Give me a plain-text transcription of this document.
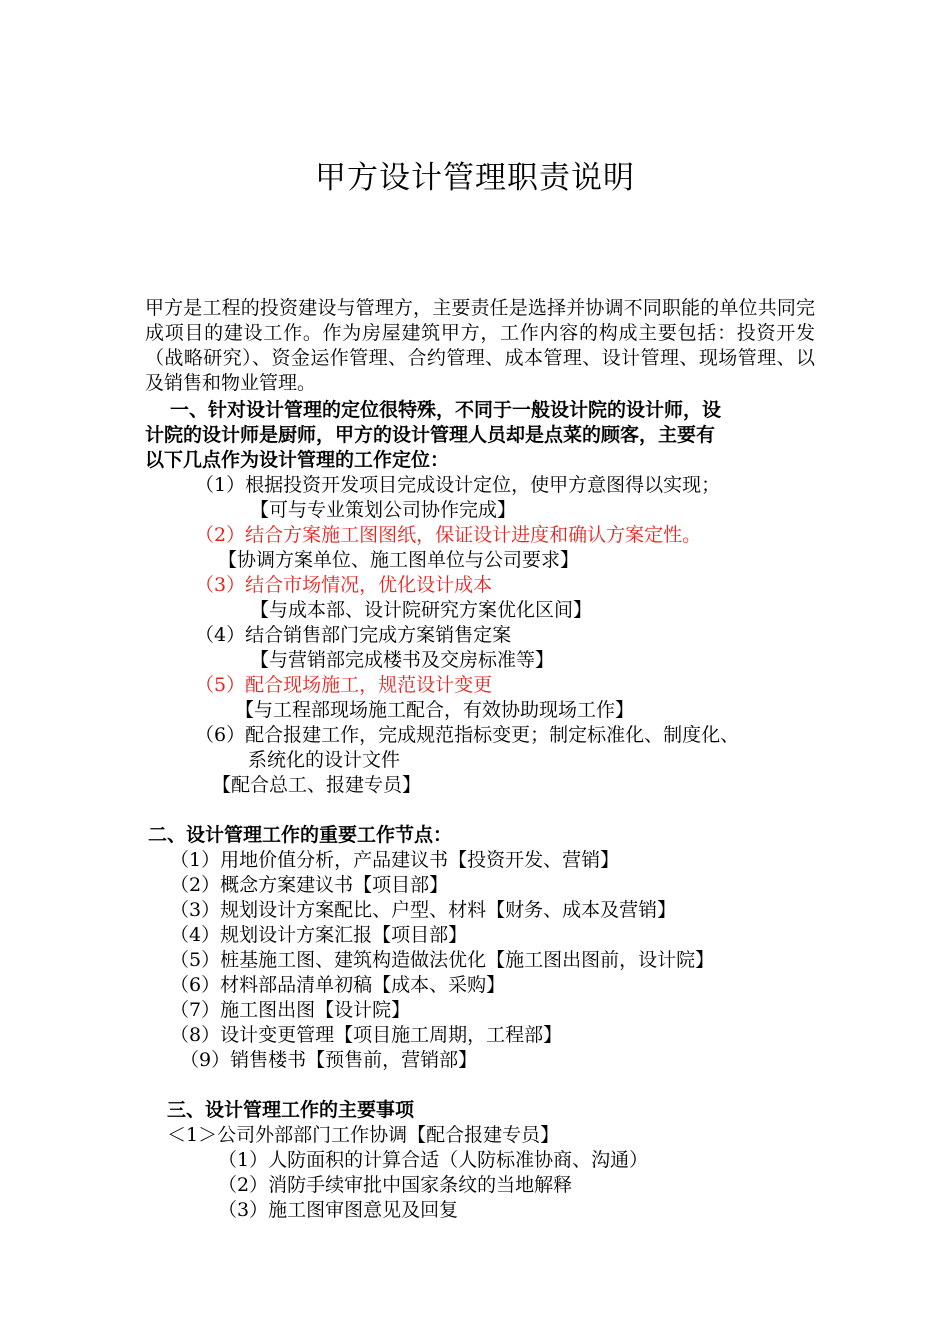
甲方设计管理职责说明
甲方是工程的投资建设与管理方，主要责任是选择并协调不同职能的单位共同完成项目的建设工作。作为房屋建筑甲方，工作内容的构成主要包括：投资开发（战略研究）、资金运作管理、合约管理、成本管理、设计管理、现场管理、以及销售和物业管理。
一、针对设计管理的定位很特殊，不同于一般设计院的设计师，设
计院的设计师是厨师，甲方的设计管理人员却是点菜的顾客，主要有
以下几点作为设计管理的工作定位：
（1）根据投资开发项目完成设计定位，使甲方意图得以实现；
【可与专业策划公司协作完成】
（2）结合方案施工图图纸，保证设计进度和确认方案定性。
【协调方案单位、施工图单位与公司要求】
（3）结合市场情况，优化设计成本
【与成本部、设计院研究方案优化区间】
（4）结合销售部门完成方案销售定案
【与营销部完成楼书及交房标准等】
（5）配合现场施工，规范设计变更
【与工程部现场施工配合，有效协助现场工作】
（6）配合报建工作，完成规范指标变更；制定标准化、制度化、
系统化的设计文件
【配合总工、报建专员】
二、设计管理工作的重要工作节点：
（1）用地价值分析，产品建议书【投资开发、营销】
（2）概念方案建议书【项目部】
（3）规划设计方案配比、户型、材料【财务、成本及营销】
（4）规划设计方案汇报【项目部】
（5）桩基施工图、建筑构造做法优化【施工图出图前，设计院】
（6）材料部品清单初稿【成本、采购】
（7）施工图出图【设计院】
（8）设计变更管理【项目施工周期，工程部】
（9）销售楼书【预售前，营销部】
三、设计管理工作的主要事项
＜1＞公司外部部门工作协调【配合报建专员】
（1）人防面积的计算合适（人防标准协商、沟通）
（2）消防手续审批中国家条纹的当地解释
（3）施工图审图意见及回复
